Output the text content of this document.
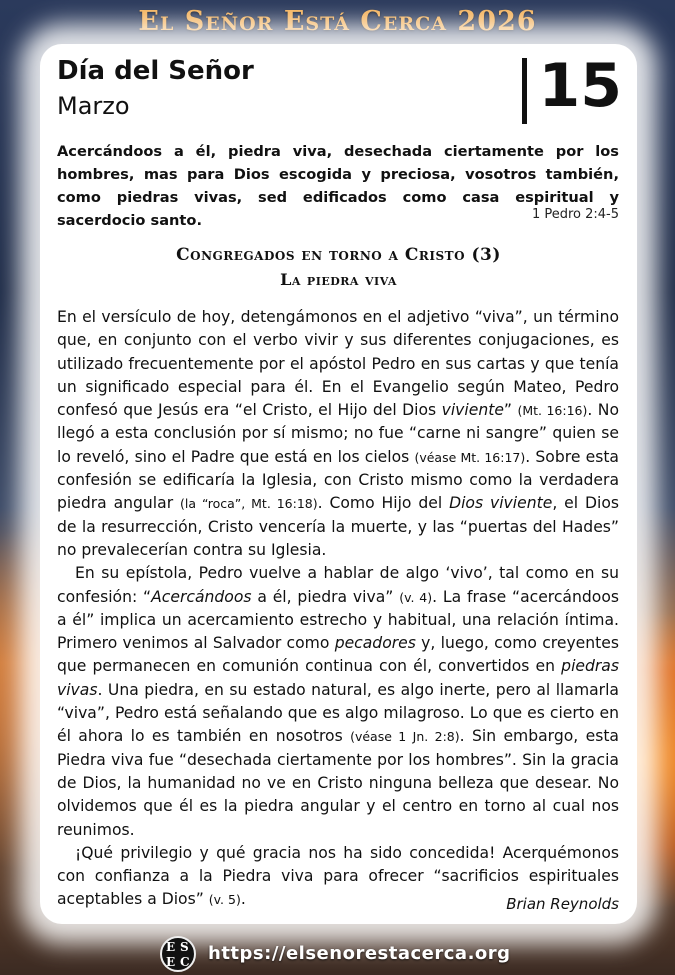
El Señor Está Cerca 2026
Día del Señor
Marzo	15
Acercándoos a él, piedra viva, desechada ciertamente por los hombres, mas para Dios escogida y preciosa, vosotros también, como piedras vivas, sed edificados como casa espiritual y sacerdocio santo.	1 Pedro 2:4-5
Congregados en torno a Cristo (3)
La piedra viva

En el versículo de hoy, detengámonos en el adjetivo “viva”, un término que, en conjunto con el verbo vivir y sus diferentes conjugaciones, es utilizado frecuentemente por el apóstol Pedro en sus cartas y que tenía un significado especial para él. En el Evangelio según Mateo, Pedro confesó que Jesús era “el Cristo, el Hijo del Dios viviente” (Mt. 16:16). No llegó a esta conclusión por sí mismo; no fue “carne ni sangre” quien se lo reveló, sino el Padre que está en los cielos (véase Mt. 16:17). Sobre esta confesión se edificaría la Iglesia, con Cristo mismo como la verdadera piedra angular (la “roca”, Mt. 16:18). Como Hijo del Dios viviente, el Dios de la resurrección, Cristo vencería la muerte, y las “puertas del Hades” no prevalecerían contra su Iglesia.

En su epístola, Pedro vuelve a hablar de algo ‘vivo’, tal como en su confesión: “Acercándoos a él, piedra viva” (v. 4). La frase “acercándoos a él” implica un acercamiento estrecho y habitual, una relación íntima. Primero venimos al Salvador como pecadores y, luego, como creyentes que permanecen en comunión continua con él, convertidos en piedras vivas. Una piedra, en su estado natural, es algo inerte, pero al llamarla “viva”, Pedro está señalando que es algo milagroso. Lo que es cierto en él ahora lo es también en nosotros (véase 1 Jn. 2:8). Sin embargo, esta Piedra viva fue “desechada ciertamente por los hombres”. Sin la gracia de Dios, la humanidad no ve en Cristo ninguna belleza que desear. No olvidemos que él es la piedra angular y el centro en torno al cual nos reunimos.

¡Qué privilegio y qué gracia nos ha sido concedida! Acerquémonos con confianza a la Piedra viva para ofrecer “sacrificios espirituales aceptables a Dios” (v. 5).	Brian Reynolds
E S
E C https://elsenorestacerca.org
